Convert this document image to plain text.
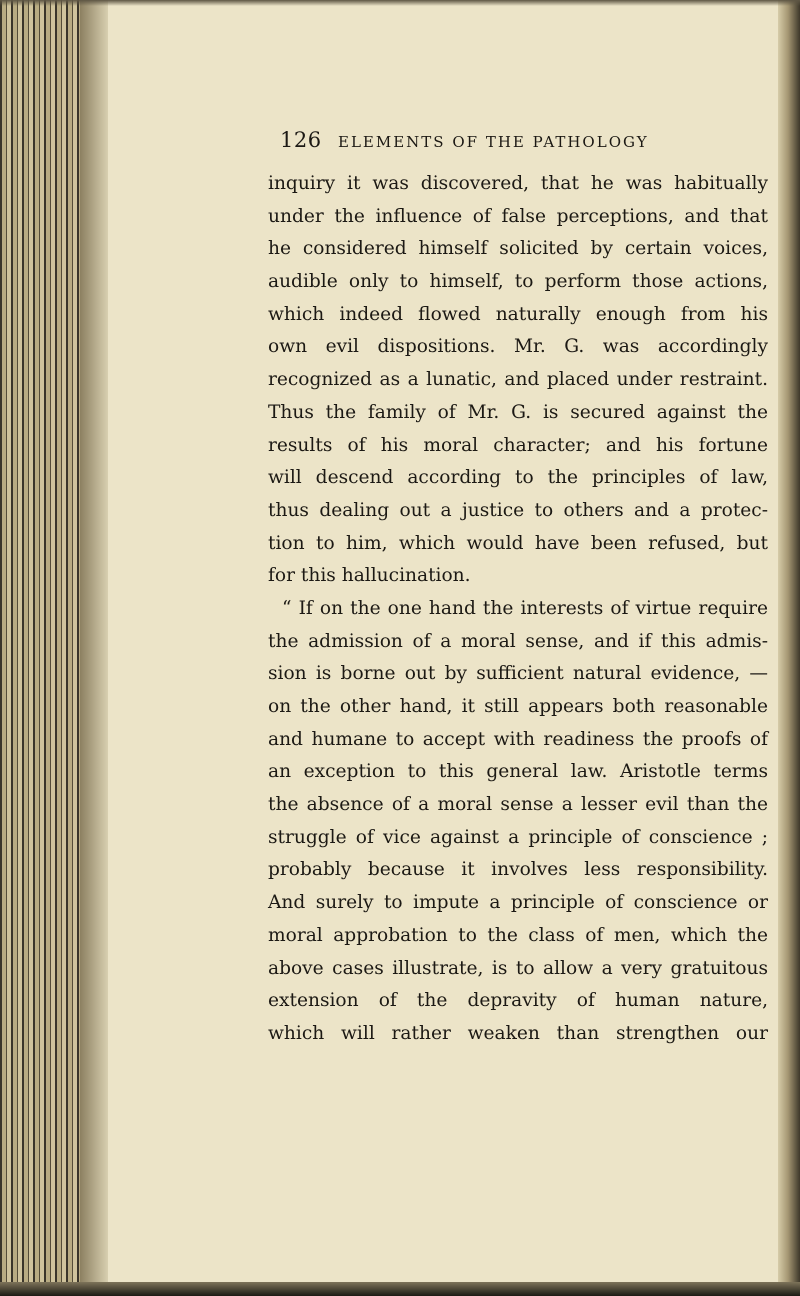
126 ELEMENTS OF THE PATHOLOGY
inquiry it was discovered, that he was habitually
under the influence of false perceptions, and that
he considered himself solicited by certain voices,
audible only to himself, to perform those actions,
which indeed flowed naturally enough from his
own evil dispositions. Mr. G. was accordingly
recognized as a lunatic, and placed under restraint.
Thus the family of Mr. G. is secured against the
results of his moral character; and his fortune
will descend according to the principles of law,
thus dealing out a justice to others and a protec-
tion to him, which would have been refused, but
for this hallucination.
“ If on the one hand the interests of virtue require
the admission of a moral sense, and if this admis-
sion is borne out by sufficient natural evidence, —
on the other hand, it still appears both reasonable
and humane to accept with readiness the proofs of
an exception to this general law. Aristotle terms
the absence of a moral sense a lesser evil than the
struggle of vice against a principle of conscience ;
probably because it involves less responsibility.
And surely to impute a principle of conscience or
moral approbation to the class of men, which the
above cases illustrate, is to allow a very gratuitous
extension of the depravity of human nature,
which will rather weaken than strengthen our
